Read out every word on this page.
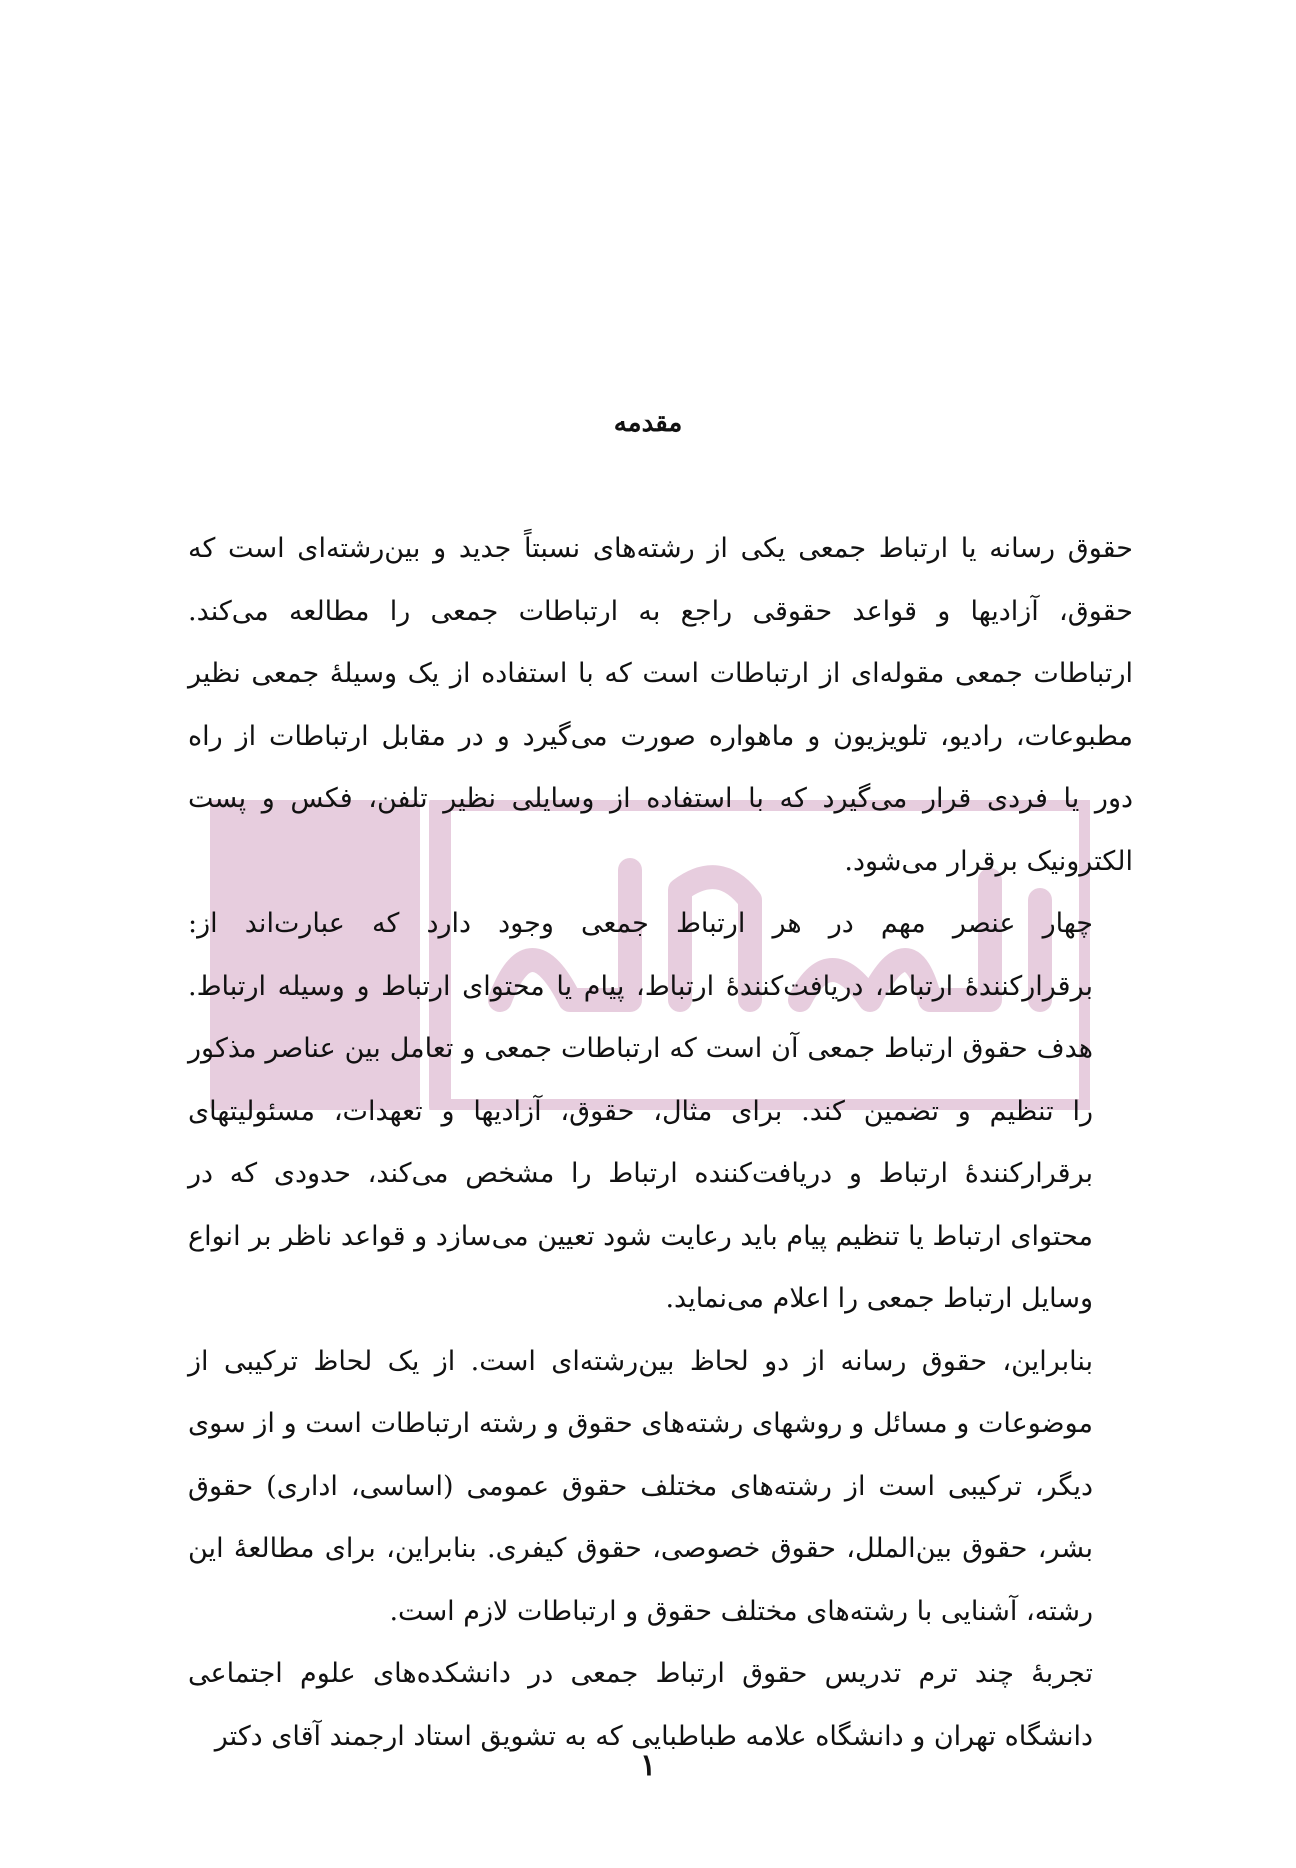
مقدمه

حقوق رسانه یا ارتباط جمعی یکی از رشته‌های نسبتاً جدید و بین‌رشته‌ای است که
حقوق، آزادیها و قواعد حقوقی راجع به ارتباطات جمعی را مطالعه می‌کند.
ارتباطات جمعی مقوله‌ای از ارتباطات است که با استفاده از یک وسیلهٔ جمعی نظیر
مطبوعات، رادیو، تلویزیون و ماهواره صورت می‌گیرد و در مقابل ارتباطات از راه
دور یا فردی قرار می‌گیرد که با استفاده از وسایلی نظیر تلفن، فکس و پست
الکترونیک برقرار می‌شود.

چهار عنصر مهم در هر ارتباط جمعی وجود دارد که عبارت‌اند از:
برقرارکنندهٔ ارتباط، دریافت‌کنندهٔ ارتباط، پیام یا محتوای ارتباط و وسیله ارتباط.
هدف حقوق ارتباط جمعی آن است که ارتباطات جمعی و تعامل بین عناصر مذکور
را تنظیم و تضمین کند. برای مثال، حقوق، آزادیها و تعهدات، مسئولیتهای
برقرارکنندهٔ ارتباط و دریافت‌کننده ارتباط را مشخص می‌کند، حدودی که در
محتوای ارتباط یا تنظیم پیام باید رعایت شود تعیین می‌سازد و قواعد ناظر بر انواع
وسایل ارتباط جمعی را اعلام می‌نماید.

بنابراین، حقوق رسانه از دو لحاظ بین‌رشته‌ای است. از یک لحاظ ترکیبی از
موضوعات و مسائل و روشهای رشته‌های حقوق و رشته ارتباطات است و از سوی
دیگر، ترکیبی است از رشته‌های مختلف حقوق عمومی (اساسی، اداری) حقوق
بشر، حقوق بین‌الملل، حقوق خصوصی، حقوق کیفری. بنابراین، برای مطالعهٔ این
رشته، آشنایی با رشته‌های مختلف حقوق و ارتباطات لازم است.

تجربهٔ چند ترم تدریس حقوق ارتباط جمعی در دانشکده‌های علوم اجتماعی
دانشگاه تهران و دانشگاه علامه طباطبایی که به تشویق استاد ارجمند آقای دکتر

۱
